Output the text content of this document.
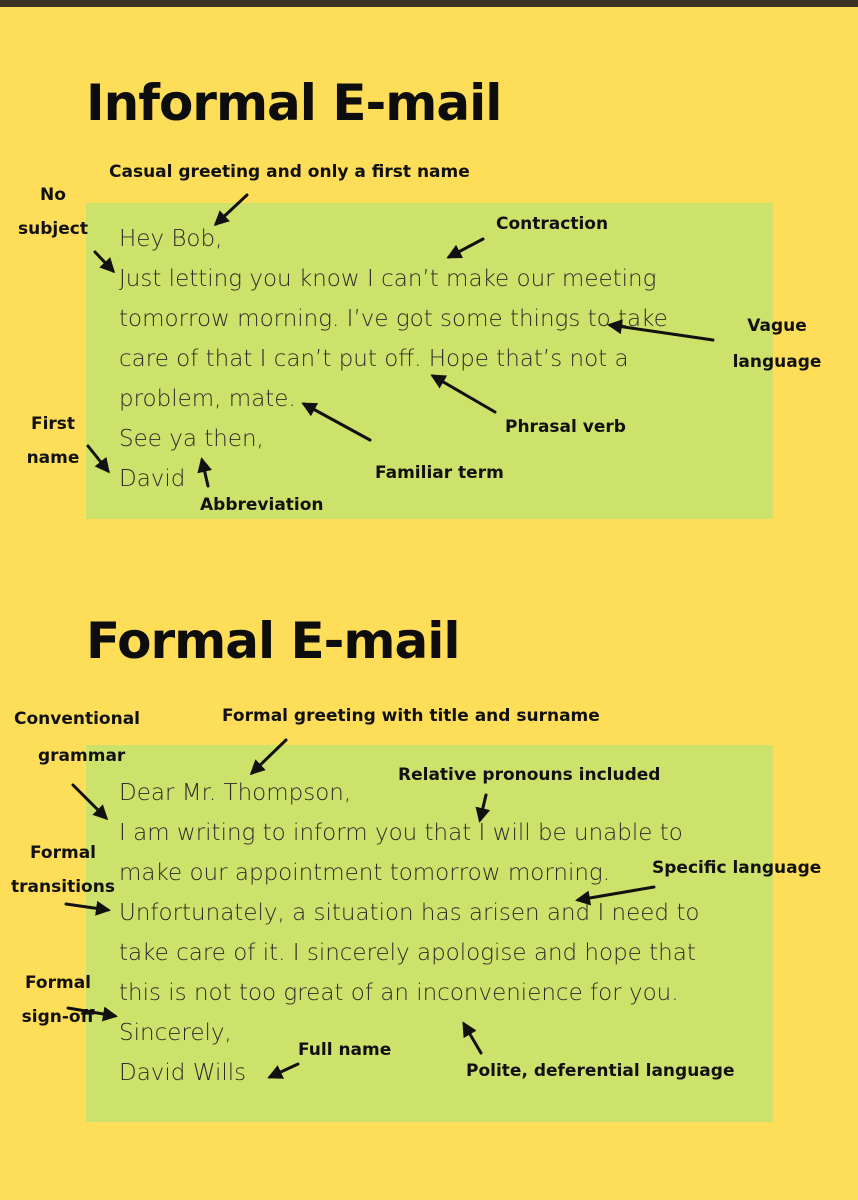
Informal E-mail
Hey Bob,
Just letting you know I can’t make our meeting
tomorrow morning. I’ve got some things to take
care of that I can’t put off. Hope that’s not a
problem, mate.
See ya then,
David
Casual greeting and only a first name
No
subject	Contraction
Vague
language
Phrasal verb
First
name
Familiar term
Abbreviation
Formal E-mail
Dear Mr. Thompson,
I am writing to inform you that I will be unable to
make our appointment tomorrow morning.
Unfortunately, a situation has arisen and I need to
take care of it. I sincerely apologise and hope that
this is not too great of an inconvenience for you.
Sincerely,
David Wills
Conventional
grammar
Formal greeting with title and surname
Relative pronouns included
Formal
transitions
Specific language
Formal
sign-off
Full name
Polite, deferential language
